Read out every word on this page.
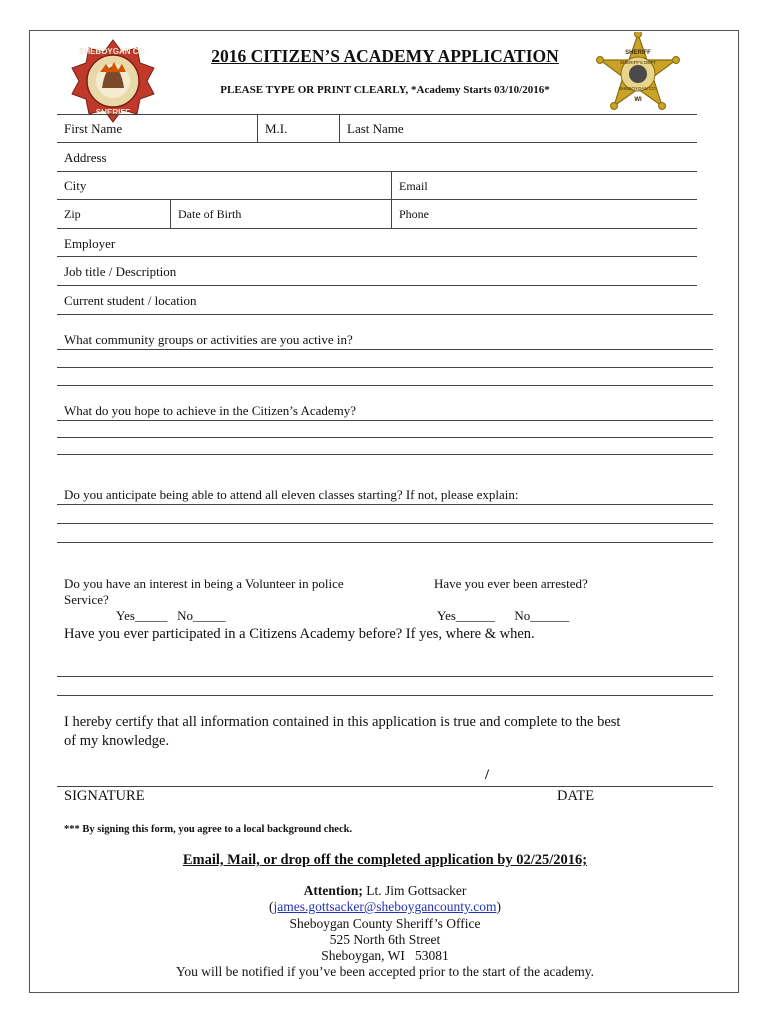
SHEBOYGAN CO.
SHERIFF
SHERIFF
SHERIFF'S DEPT
SHEBOYGAN CO.
WI
2016 CITIZEN’S ACADEMY APPLICATION
PLEASE TYPE OR PRINT CLEARLY, *Academy Starts 03/10/2016*
First Name	M.I.	Last Name
Address
City	Email
Zip	Date of Birth	Phone
Employer
Job title / Description
Current student / location
What community groups or activities are you active in?
What do you hope to achieve in the Citizen’s Academy?
Do you anticipate being able to attend all eleven classes starting? If not, please explain:
Do you have an interest in being a Volunteer in police
Service?
Yes_____   No_____
Have you ever been arrested?
Yes______      No______
Have you ever participated in a Citizens Academy before? If yes, where & when.
I hereby certify that all information contained in this application is true and complete to the best
of my knowledge.
/
SIGNATURE	DATE
*** By signing this form, you agree to a local background check.
Email, Mail, or drop off the completed application by 02/25/2016;
Attention; Lt. Jim Gottsacker
(james.gottsacker@sheboygancounty.com)
Sheboygan County Sheriff’s Office
525 North 6th Street
Sheboygan, WI   53081
You will be notified if you’ve been accepted prior to the start of the academy.
